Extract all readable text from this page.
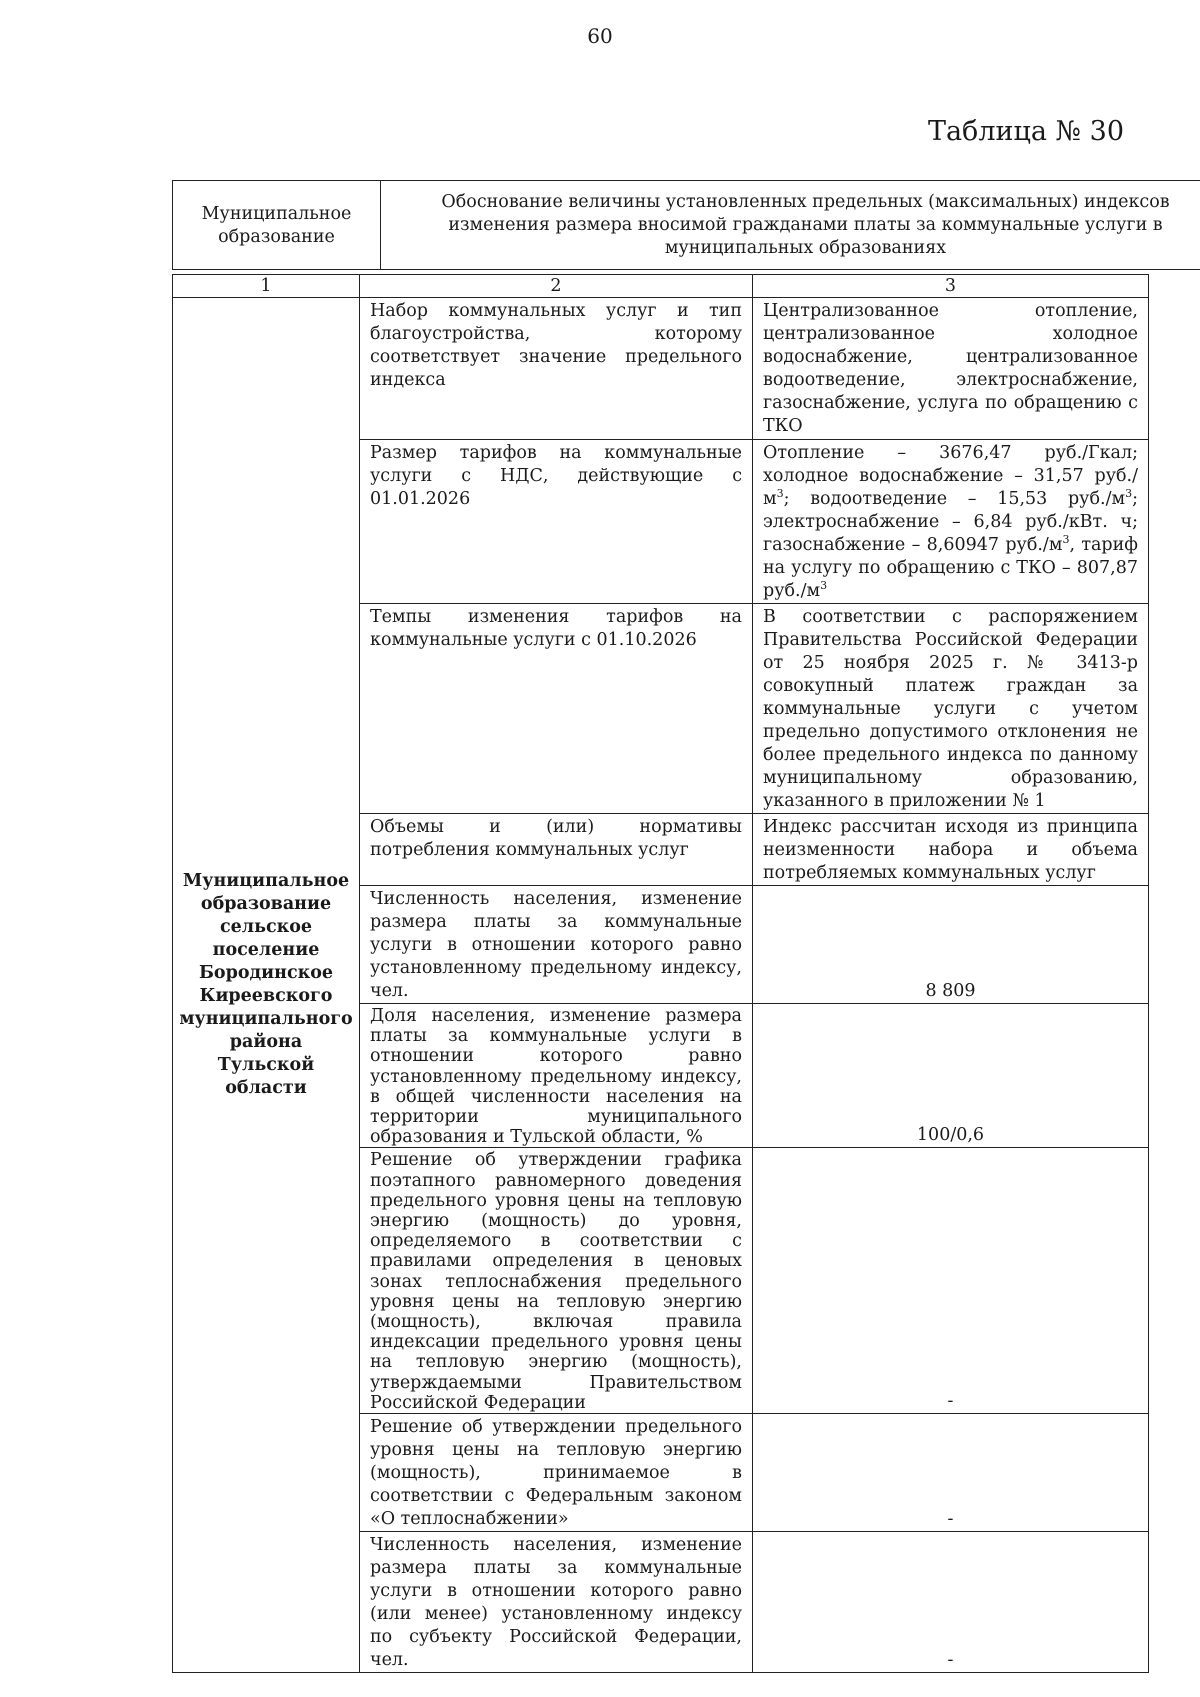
60
Таблица № 30
Муниципальное образование	Обоснование величины установленных предельных (максимальных) индексов изменения размера вносимой гражданами платы за коммунальные услуги в муниципальных образованиях
1	2	3
Муниципальное образование сельское поселение Бородинское Киреевского муниципального района Тульской области	Набор коммунальных услуг и тип благоустройства, которому соответствует значение предельного индекса	Централизованное отопление, централизованное холодное водоснабжение, централизованное водоотведение, электроснабжение, газоснабжение, услуга по обращению с ТКО
	Размер тарифов на коммунальные услуги с НДС, действующие с 01.01.2026	Отопление – 3676,47 руб./Гкал; холодное водоснабжение – 31,57 $руб./м^3$; водоотведение – 15,53 $руб./м^3$; электроснабжение – 6,84 руб./кВт. ч; газоснабжение – 8,60947 $руб./м^3$, тариф на услугу по обращению с ТКО – 807,87 $руб./м^3$
	Темпы изменения тарифов на коммунальные услуги с 01.10.2026	В соответствии с распоряжением Правительства Российской Федерации от 25 ноября 2025 г. № 3413-р совокупный платеж граждан за коммунальные услуги с учетом предельно допустимого отклонения не более предельного индекса по данному муниципальному образованию, указанного в приложении № 1
	Объемы и (или) нормативы потребления коммунальных услуг	Индекс рассчитан исходя из принципа неизменности набора и объема потребляемых коммунальных услуг
	Численность населения, изменение размера платы за коммунальные услуги в отношении которого равно установленному предельному индексу, чел.	8 809
	Доля населения, изменение размера платы за коммунальные услуги в отношении которого равно установленному предельному индексу, в общей численности населения на территории муниципального образования и Тульской области, %	100/0,6
	Решение об утверждении графика поэтапного равномерного доведения предельного уровня цены на тепловую энергию (мощность) до уровня, определяемого в соответствии с правилами определения в ценовых зонах теплоснабжения предельного уровня цены на тепловую энергию (мощность), включая правила индексации предельного уровня цены на тепловую энергию (мощность), утверждаемыми Правительством Российской Федерации	-
	Решение об утверждении предельного уровня цены на тепловую энергию (мощность), принимаемое в соответствии с Федеральным законом «О теплоснабжении»	-
	Численность населения, изменение размера платы за коммунальные услуги в отношении которого равно (или менее) установленному индексу по субъекту Российской Федерации, чел.	-
